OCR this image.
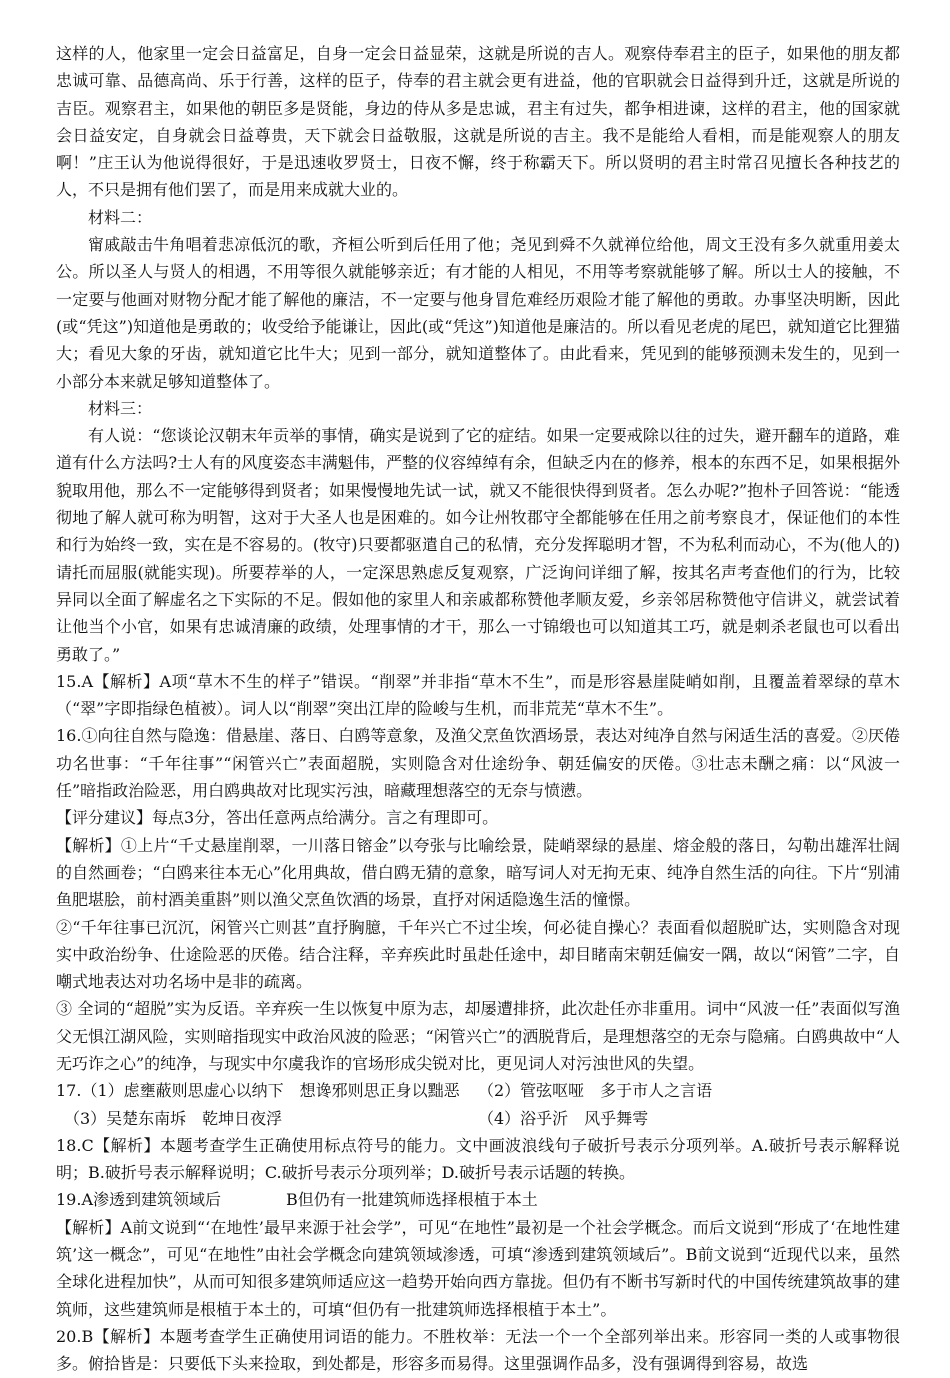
这样的人，他家里一定会日益富足，自身一定会日益显荣，这就是所说的吉人。观察侍奉君主的臣子，如果他的朋友都忠诚可靠、品德高尚、乐于行善，这样的臣子，侍奉的君主就会更有进益，他的官职就会日益得到升迁，这就是所说的吉臣。观察君主，如果他的朝臣多是贤能，身边的侍从多是忠诚，君主有过失，都争相进谏，这样的君主，他的国家就会日益安定，自身就会日益尊贵，天下就会日益敬服，这就是所说的吉主。我不是能给人看相，而是能观察人的朋友啊！”庄王认为他说得很好，于是迅速收罗贤士，日夜不懈，终于称霸天下。所以贤明的君主时常召见擅长各种技艺的人，不只是拥有他们罢了，而是用来成就大业的。

材料二：

甯戚敲击牛角唱着悲凉低沉的歌，齐桓公听到后任用了他；尧见到舜不久就禅位给他，周文王没有多久就重用姜太公。所以圣人与贤人的相遇，不用等很久就能够亲近；有才能的人相见，不用等考察就能够了解。所以士人的接触，不一定要与他画对财物分配才能了解他的廉洁，不一定要与他身冒危难经历艰险才能了解他的勇敢。办事坚决明断，因此(或“凭这”)知道他是勇敢的；收受给予能谦让，因此(或“凭这”)知道他是廉洁的。所以看见老虎的尾巴，就知道它比狸猫大；看见大象的牙齿，就知道它比牛大；见到一部分，就知道整体了。由此看来，凭见到的能够预测未发生的，见到一小部分本来就足够知道整体了。

材料三：

有人说：“您谈论汉朝末年贡举的事情，确实是说到了它的症结。如果一定要戒除以往的过失，避开翻车的道路，难道有什么方法吗?士人有的风度姿态丰满魁伟，严整的仪容绰绰有余，但缺乏内在的修养，根本的东西不足，如果根据外貌取用他，那么不一定能够得到贤者；如果慢慢地先试一试，就又不能很快得到贤者。怎么办呢?”抱朴子回答说：“能透彻地了解人就可称为明智，这对于大圣人也是困难的。如今让州牧郡守全都能够在任用之前考察良才，保证他们的本性和行为始终一致，实在是不容易的。(牧守)只要都驱遣自己的私情，充分发挥聪明才智，不为私利而动心，不为(他人的)请托而屈服(就能实现)。所要荐举的人，一定深思熟虑反复观察，广泛询问详细了解，按其名声考查他们的行为，比较异同以全面了解虚名之下实际的不足。假如他的家里人和亲戚都称赞他孝顺友爱，乡亲邻居称赞他守信讲义，就尝试着让他当个小官，如果有忠诚清廉的政绩，处理事情的才干，那么一寸锦缎也可以知道其工巧，就是刺杀老鼠也可以看出勇敢了。”

15.A【解析】A项“草木不生的样子”错误。“削翠”并非指“草木不生”，而是形容悬崖陡峭如削，且覆盖着翠绿的草木（“翠”字即指绿色植被）。词人以“削翠”突出江岸的险峻与生机，而非荒芜“草木不生”。

16.①向往自然与隐逸：借悬崖、落日、白鸥等意象，及渔父烹鱼饮酒场景，表达对纯净自然与闲适生活的喜爱。②厌倦功名世事：“千年往事”“闲管兴亡”表面超脱，实则隐含对仕途纷争、朝廷偏安的厌倦。③壮志未酬之痛：以“风波一任”暗指政治险恶，用白鸥典故对比现实污浊，暗藏理想落空的无奈与愤懑。

【评分建议】每点3分，答出任意两点给满分。言之有理即可。

【解析】①上片“千丈悬崖削翠，一川落日镕金”以夸张与比喻绘景，陡峭翠绿的悬崖、熔金般的落日，勾勒出雄浑壮阔的自然画卷；“白鸥来往本无心”化用典故，借白鸥无猜的意象，暗写词人对无拘无束、纯净自然生活的向往。下片“别浦鱼肥堪脍，前村酒美重斟”则以渔父烹鱼饮酒的场景，直抒对闲适隐逸生活的憧憬。

②“千年往事已沉沉，闲管兴亡则甚”直抒胸臆，千年兴亡不过尘埃，何必徒自操心？表面看似超脱旷达，实则隐含对现实中政治纷争、仕途险恶的厌倦。结合注释，辛弃疾此时虽赴任途中，却目睹南宋朝廷偏安一隅，故以“闲管”二字，自嘲式地表达对功名场中是非的疏离。

③ 全词的“超脱”实为反语。辛弃疾一生以恢复中原为志，却屡遭排挤，此次赴任亦非重用。词中“风波一任”表面似写渔父无惧江湖风险，实则暗指现实中政治风波的险恶；“闲管兴亡”的洒脱背后，是理想落空的无奈与隐痛。白鸥典故中“人无巧诈之心”的纯净，与现实中尔虞我诈的官场形成尖锐对比，更见词人对污浊世风的失望。

17.（1）虑壅蔽则思虚心以纳下　想谗邪则思正身以黜恶	（2）管弦呕哑　多于市人之言语
　（3）吴楚东南坼　乾坤日夜浮	（4）浴乎沂　风乎舞雩

18.C【解析】本题考查学生正确使用标点符号的能力。文中画波浪线句子破折号表示分项列举。A.破折号表示解释说明；B.破折号表示解释说明；C.破折号表示分项列举；D.破折号表示话题的转换。

19.A渗透到建筑领域后	B但仍有一批建筑师选择根植于本土

【解析】A前文说到“‘在地性’最早来源于社会学”，可见“在地性”最初是一个社会学概念。而后文说到“形成了‘在地性建筑’这一概念”，可见“在地性”由社会学概念向建筑领域渗透，可填“渗透到建筑领域后”。B前文说到“近现代以来，虽然全球化进程加快”，从而可知很多建筑师适应这一趋势开始向西方靠拢。但仍有不断书写新时代的中国传统建筑故事的建筑师，这些建筑师是根植于本土的，可填“但仍有一批建筑师选择根植于本土”。

20.B【解析】本题考查学生正确使用词语的能力。不胜枚举：无法一个一个全部列举出来。形容同一类的人或事物很多。俯拾皆是：只要低下头来捡取，到处都是，形容多而易得。这里强调作品多，没有强调得到容易，故选
